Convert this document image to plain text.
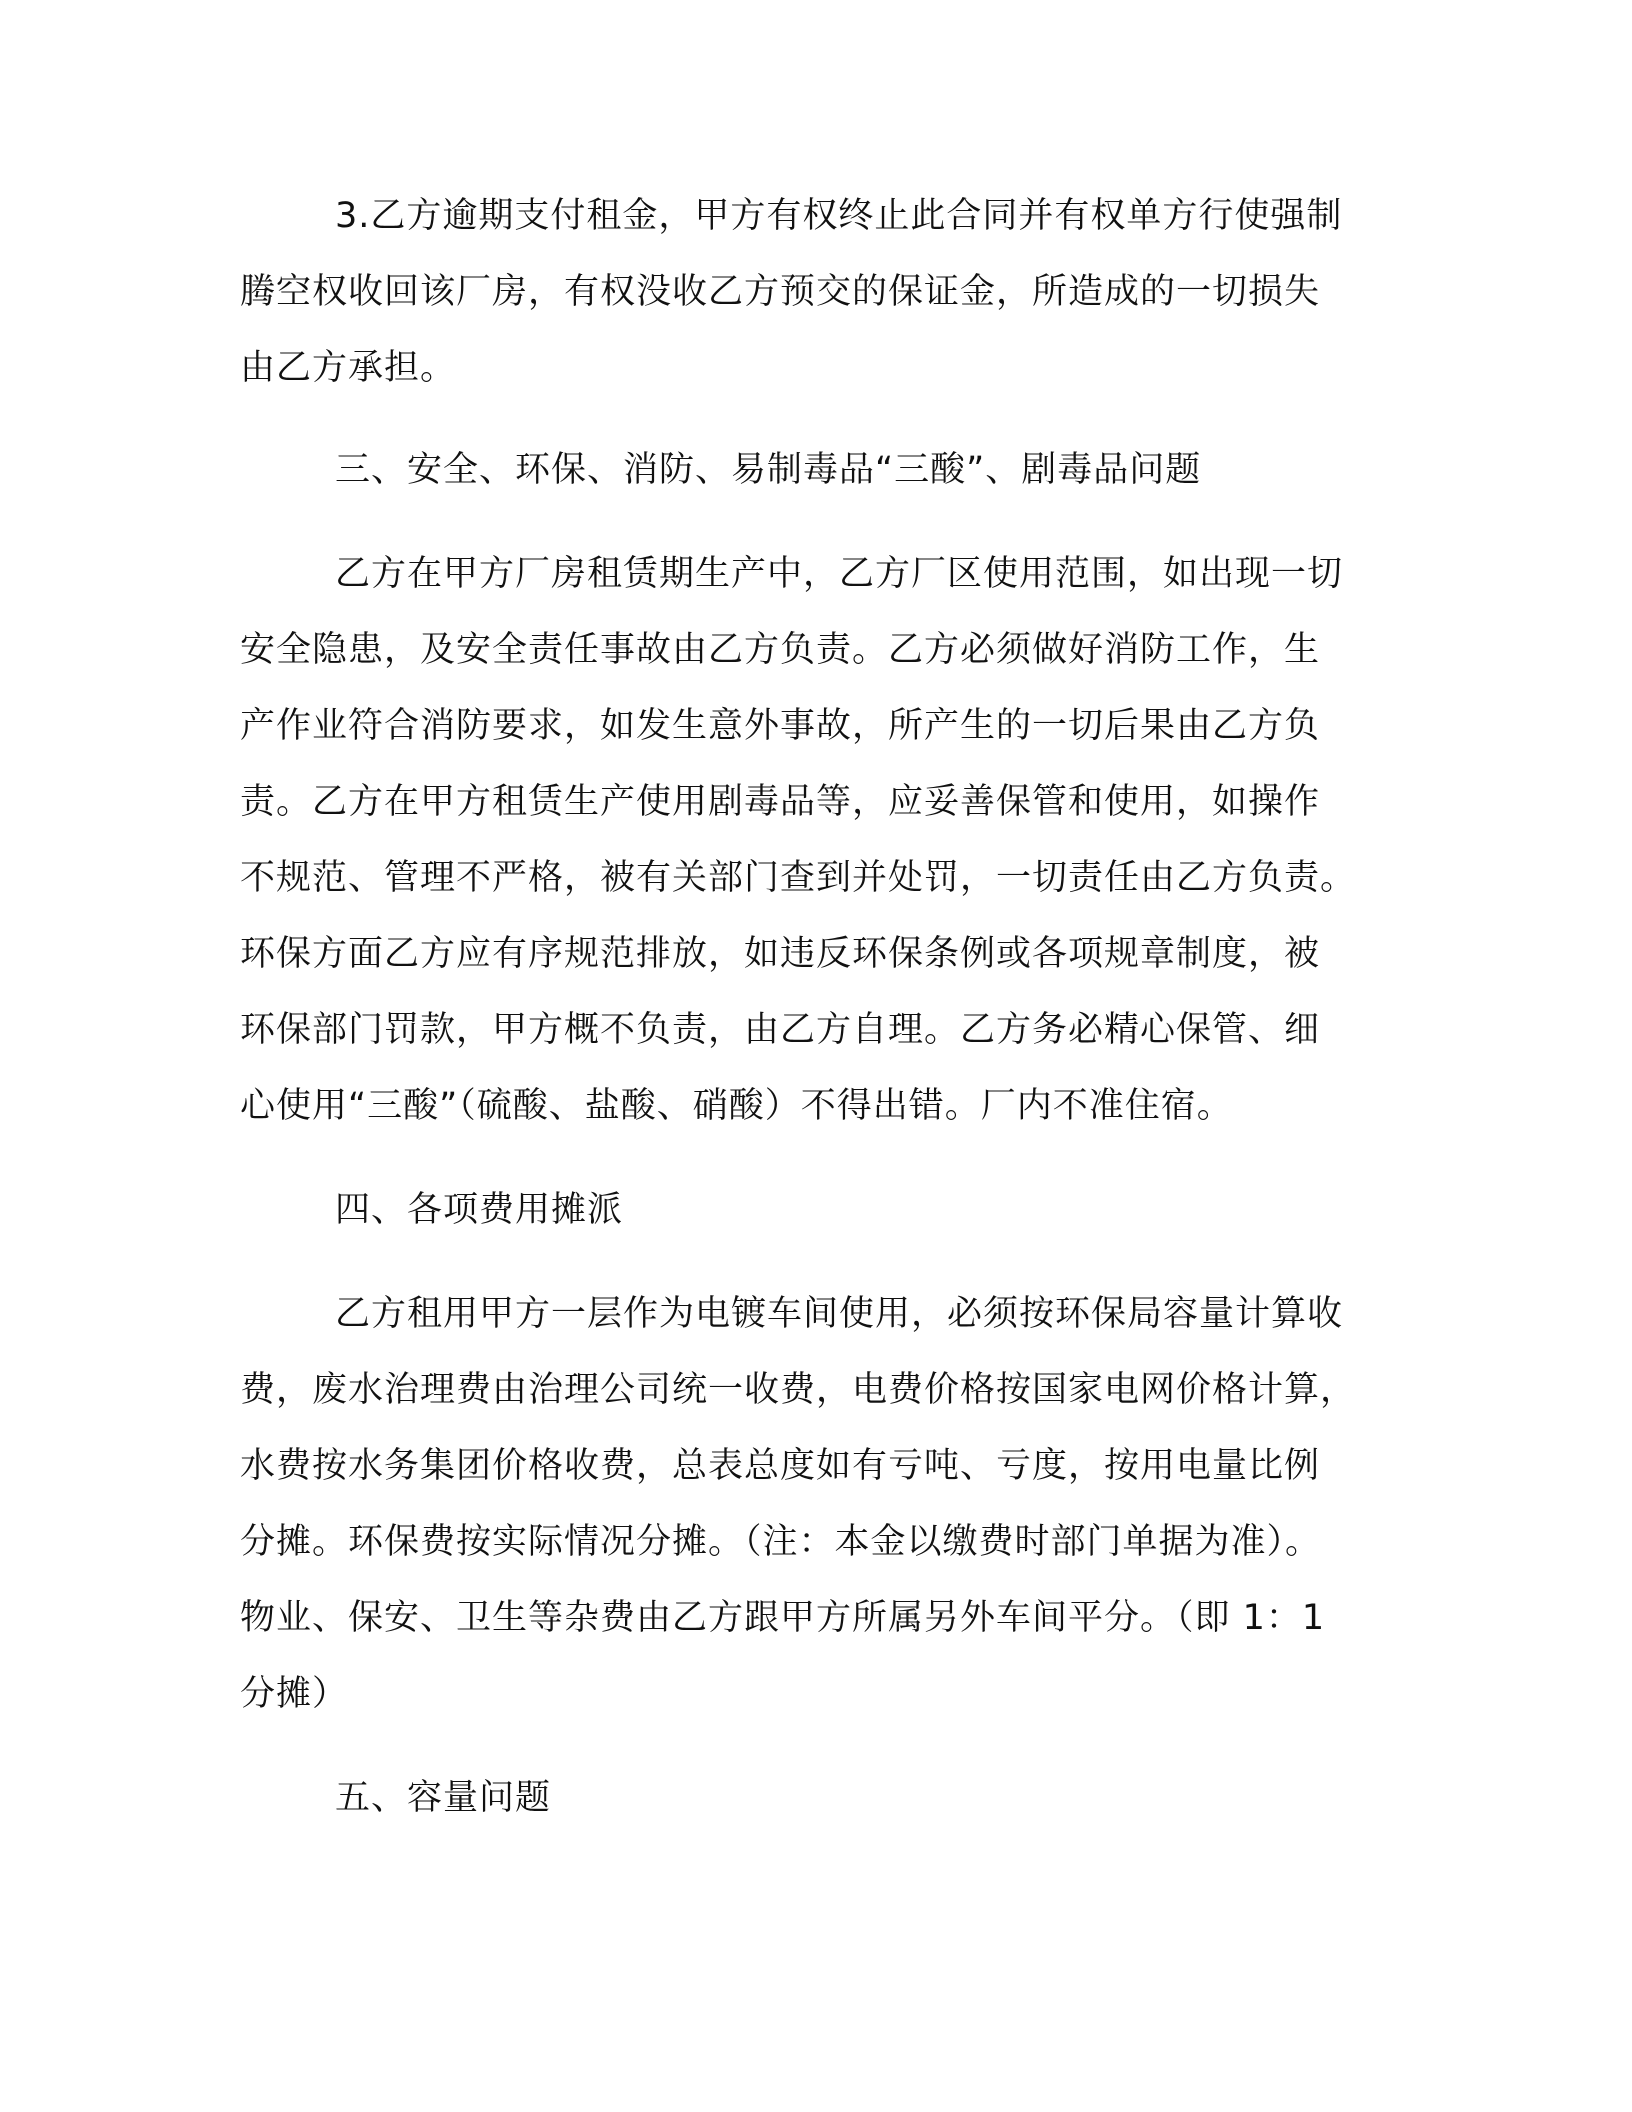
3.乙方逾期支付租金，甲方有权终止此合同并有权单方行使强制
腾空权收回该厂房，有权没收乙方预交的保证金，所造成的一切损失
由乙方承担。
三、安全、环保、消防、易制毒品“三酸”、剧毒品问题
乙方在甲方厂房租赁期生产中，乙方厂区使用范围，如出现一切
安全隐患，及安全责任事故由乙方负责。乙方必须做好消防工作，生
产作业符合消防要求，如发生意外事故，所产生的一切后果由乙方负
责。乙方在甲方租赁生产使用剧毒品等，应妥善保管和使用，如操作
不规范、管理不严格，被有关部门查到并处罚，一切责任由乙方负责。
环保方面乙方应有序规范排放，如违反环保条例或各项规章制度，被
环保部门罚款，甲方概不负责，由乙方自理。乙方务必精心保管、细
心使用“三酸”（硫酸、盐酸、硝酸）不得出错。厂内不准住宿。
四、各项费用摊派
乙方租用甲方一层作为电镀车间使用，必须按环保局容量计算收
费，废水治理费由治理公司统一收费，电费价格按国家电网价格计算，
水费按水务集团价格收费，总表总度如有亏吨、亏度，按用电量比例
分摊。环保费按实际情况分摊。（注：本金以缴费时部门单据为准）。
物业、保安、卫生等杂费由乙方跟甲方所属另外车间平分。（即 1：1
分摊）
五、容量问题
